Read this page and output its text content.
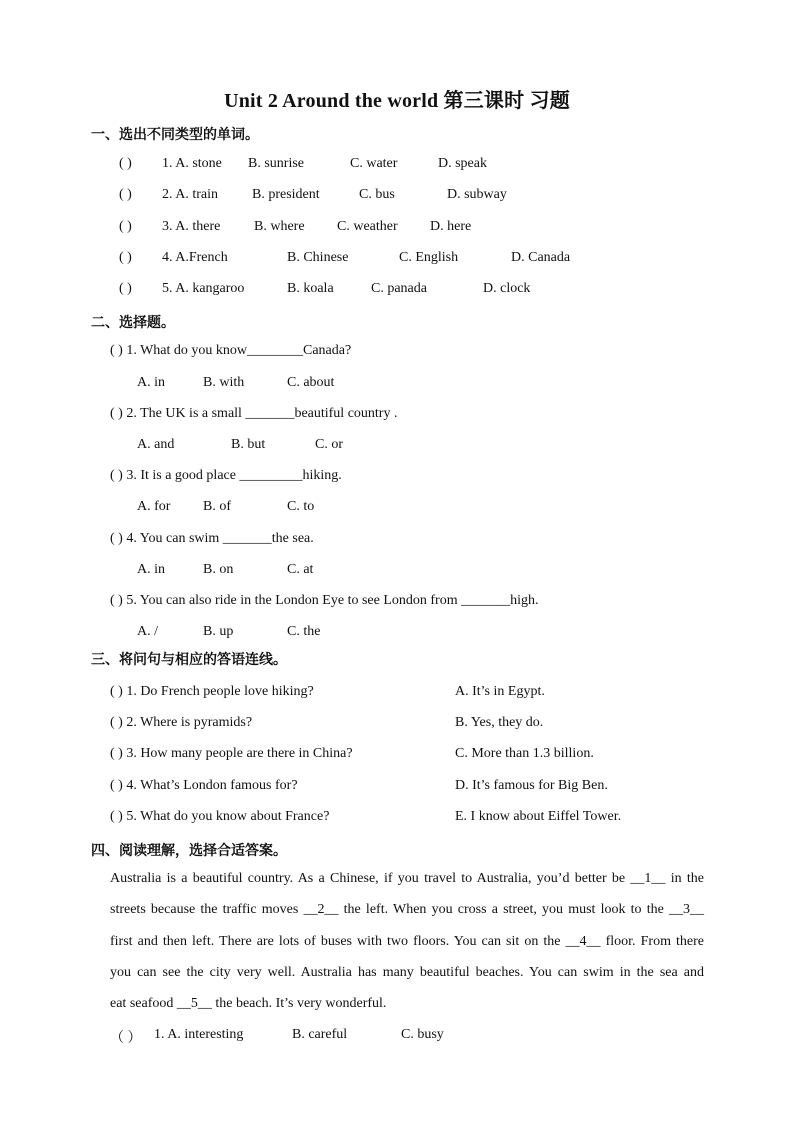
Unit 2 Around the world 第三课时 习题
一、选出不同类型的单词。
( ) 1. A. stone B. sunrise	C. water	D. speak
( ) 2. A. train B. president	C. bus	D. subway
( ) 3. A. there B. where C. weather D. here
( ) 4. A.French	B. Chinese	C. English	D. Canada
( ) 5. A. kangaroo	B. koala	C. panada	D. clock
二、选择题。
( ) 1. What do you know________Canada?
A. in	B. with	C. about
( ) 2. The UK is a small _______beautiful country .
A. and	B. but	C. or
( ) 3. It is a good place _________hiking.
A. for B. of	C. to
( ) 4. You can swim _______the sea.
A. in	B. on	C. at
( ) 5. You can also ride in the London Eye to see London from _______high.
A. /	B. up	C. the
三、将问句与相应的答语连线。
( ) 1. Do French people love hiking?	A. It’s in Egypt.
( ) 2. Where is pyramids?	B. Yes, they do.
( ) 3. How many people are there in China?	C. More than 1.3 billion.
( ) 4. What’s London famous for?	D. It’s famous for Big Ben.
( ) 5. What do you know about France?	E. I know about Eiffel Tower.
四、阅读理解，选择合适答案。
Australia is a beautiful country. As a Chinese, if you travel to Australia, you’d better be __1__ in the
streets because the traffic moves __2__ the left. When you cross a street, you must look to the __3__
first and then left. There are lots of buses with two floors. You can sit on the __4__ floor. From there
you can see the city very well. Australia has many beautiful beaches. You can swim in the sea and
eat seafood __5__ the beach. It’s very wonderful.
（ ） 1. A. interesting	B. careful	C. busy
